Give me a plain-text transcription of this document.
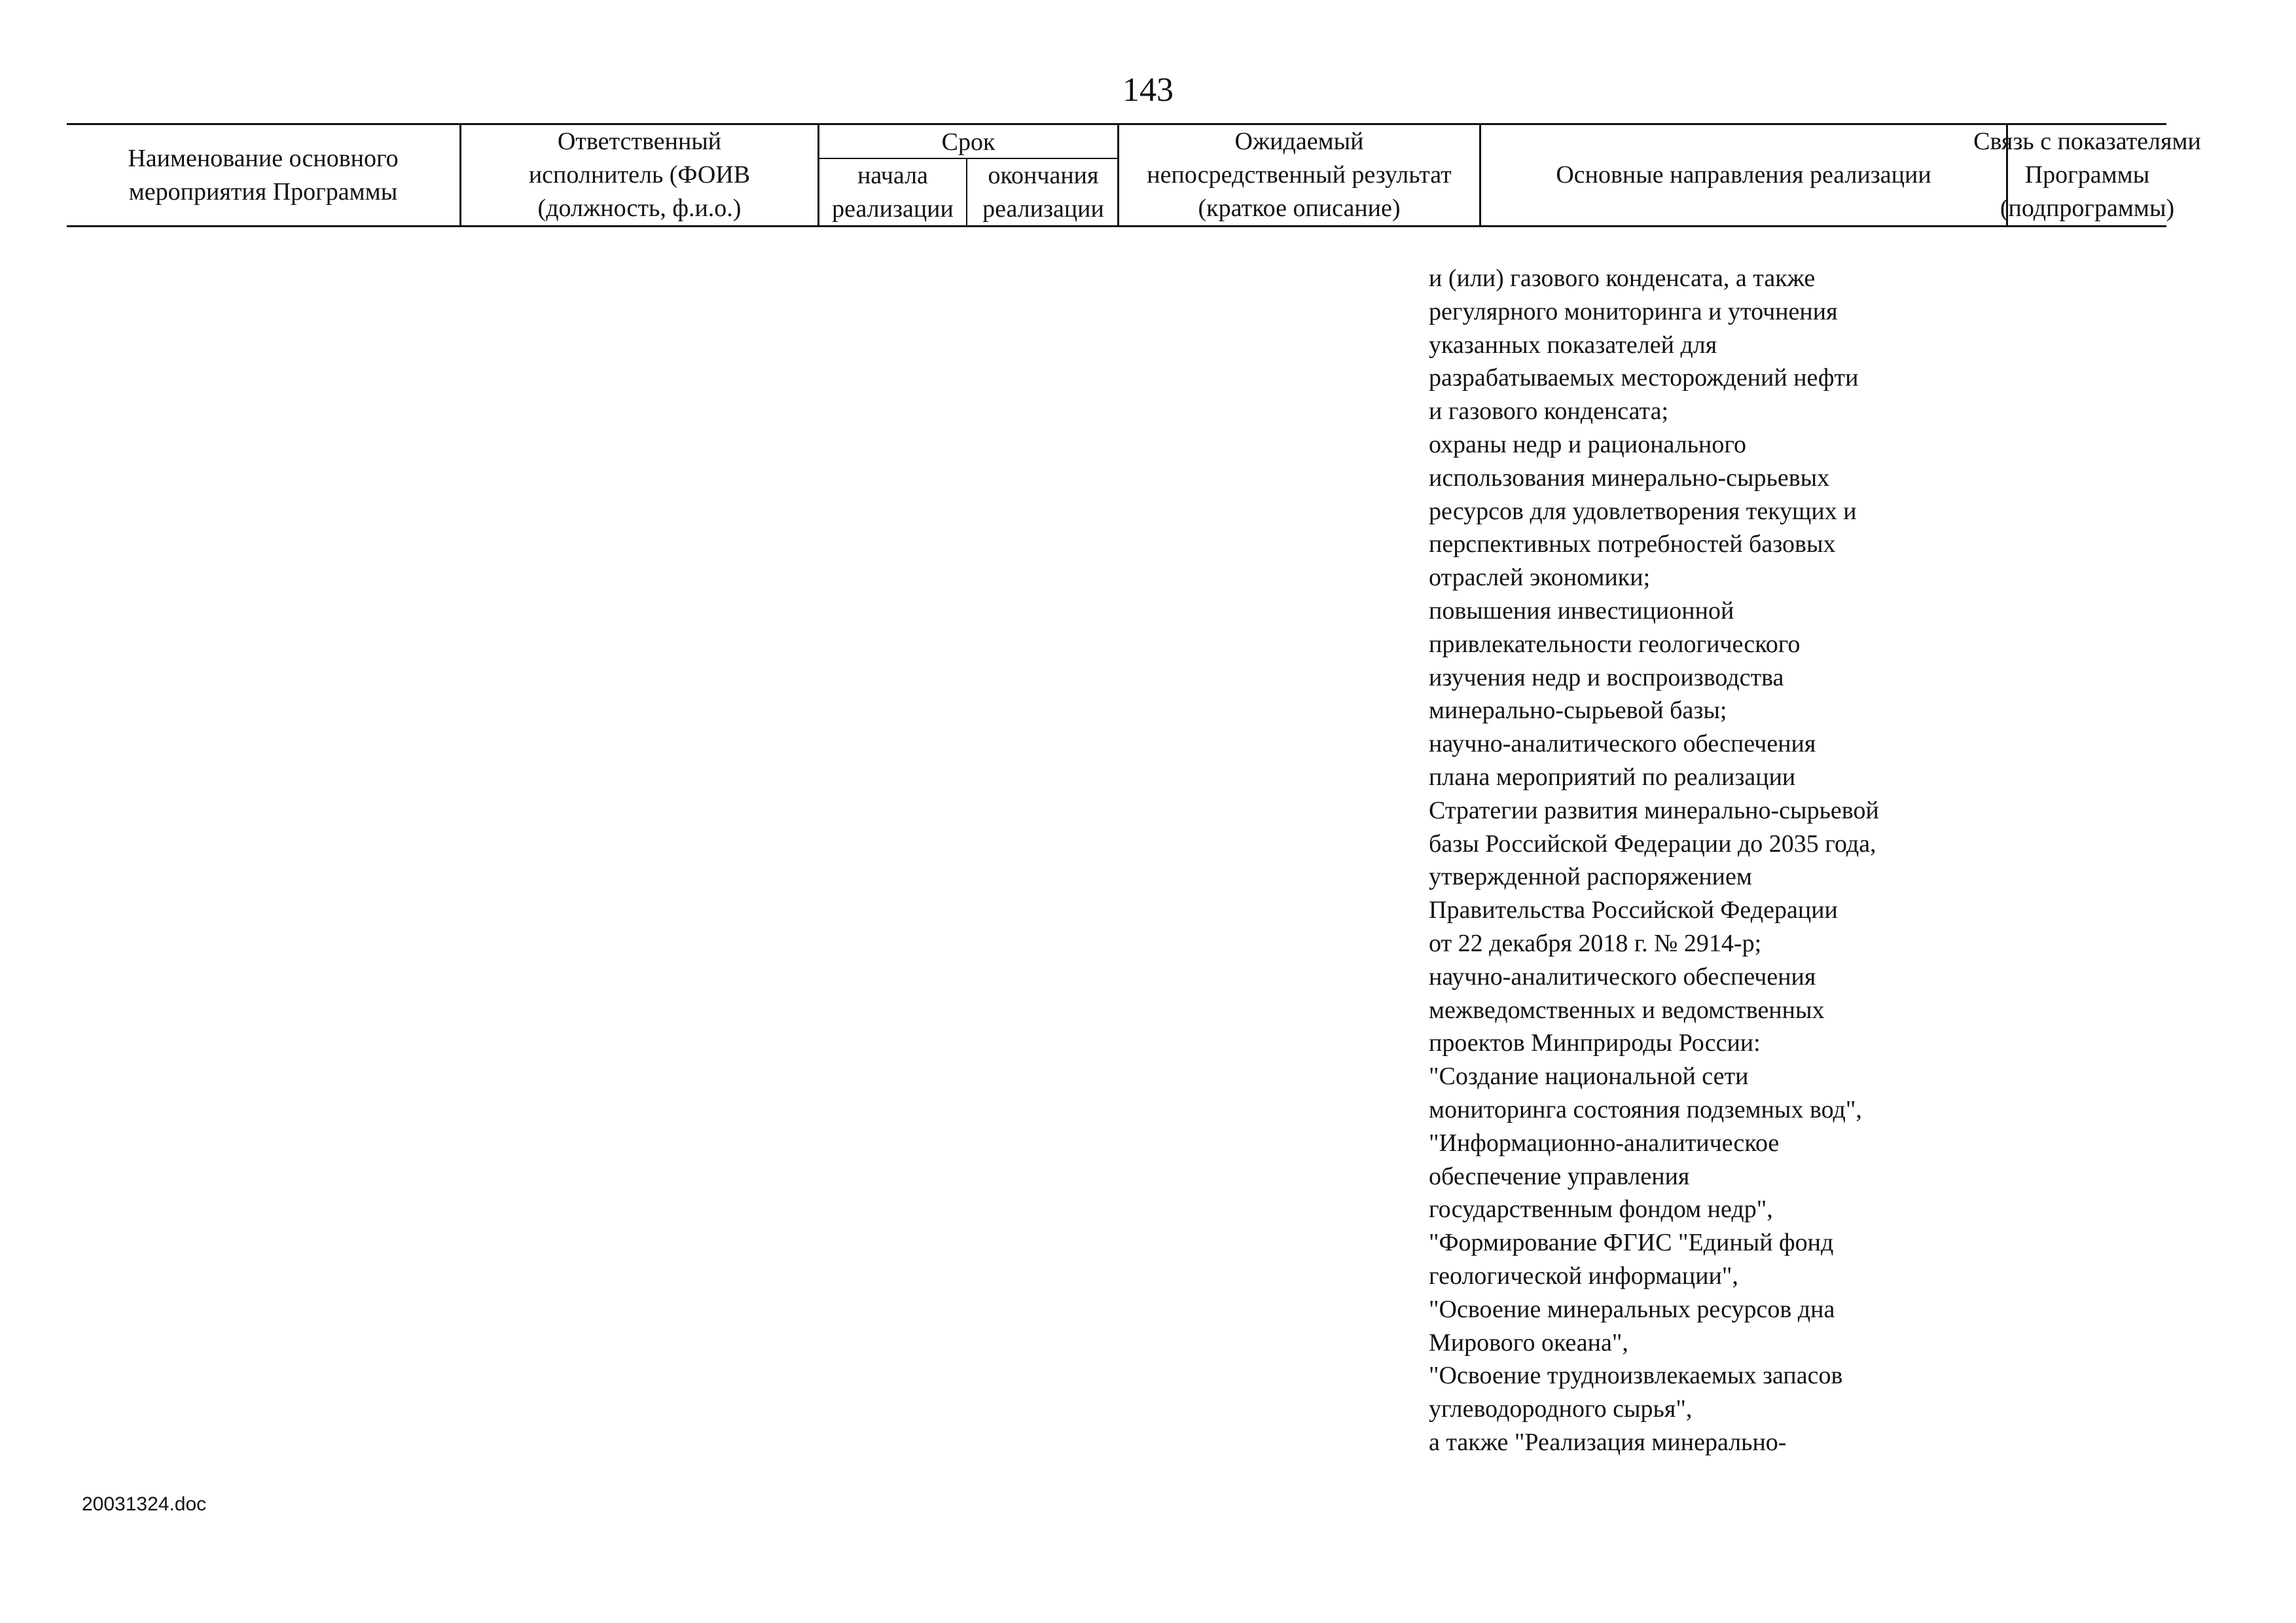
143
Наименование основного
мероприятия Программы
Ответственный
исполнитель (ФОИВ
(должность, ф.и.о.)
Срок
начала
реализации
окончания
реализации
Ожидаемый
непосредственный результат
(краткое описание)
Основные направления реализации
Связь с показателями
Программы
(подпрограммы)
и (или) газового конденсата, а также
регулярного мониторинга и уточнения
указанных показателей для
разрабатываемых месторождений нефти
и газового конденсата;
охраны недр и рационального
использования минерально-сырьевых
ресурсов для удовлетворения текущих и
перспективных потребностей базовых
отраслей экономики;
повышения инвестиционной
привлекательности геологического
изучения недр и воспроизводства
минерально-сырьевой базы;
научно-аналитического обеспечения
плана мероприятий по реализации
Стратегии развития минерально-сырьевой
базы Российской Федерации до 2035 года,
утвержденной распоряжением
Правительства Российской Федерации
от 22 декабря 2018 г. № 2914-р;
научно-аналитического обеспечения
межведомственных и ведомственных
проектов Минприроды России:
"Создание национальной сети
мониторинга состояния подземных вод",
"Информационно-аналитическое
обеспечение управления
государственным фондом недр",
"Формирование ФГИС "Единый фонд
геологической информации",
"Освоение минеральных ресурсов дна
Мирового океана",
"Освоение трудноизвлекаемых запасов
углеводородного сырья",
а также "Реализация минерально-
20031324.doc
